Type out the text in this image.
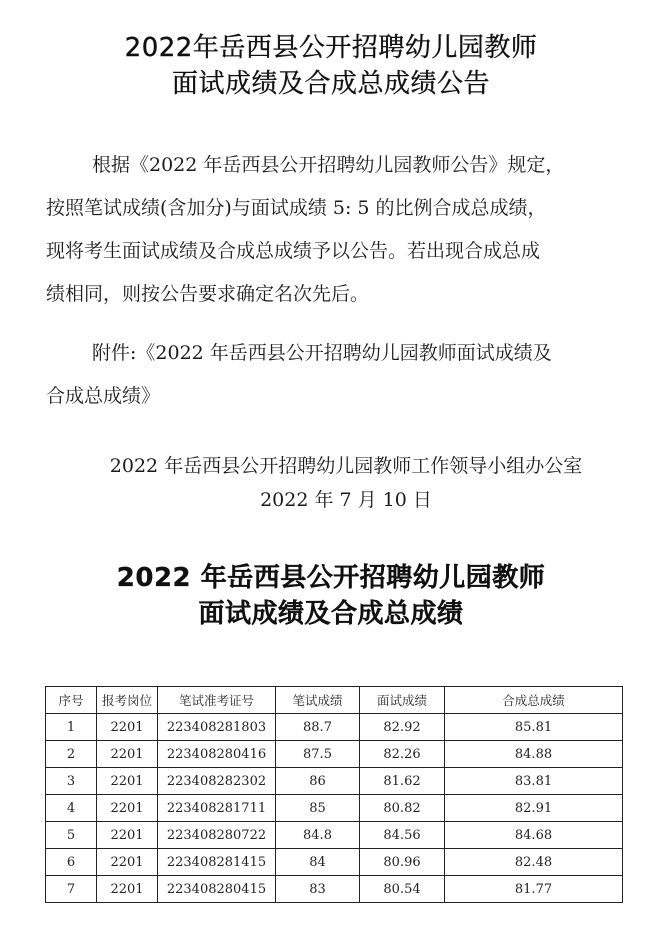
2022年岳西县公开招聘幼儿园教师
面试成绩及合成总成绩公告
根据《2022 年岳西县公开招聘幼儿园教师公告》规定，
按照笔试成绩(含加分)与面试成绩 5: 5 的比例合成总成绩，
现将考生面试成绩及合成总成绩予以公告。若出现合成总成
绩相同，则按公告要求确定名次先后。
附件:《2022 年岳西县公开招聘幼儿园教师面试成绩及
合成总成绩》
2022 年岳西县公开招聘幼儿园教师工作领导小组办公室
2022 年 7 月 10 日
2022 年岳西县公开招聘幼儿园教师
面试成绩及合成总成绩
序号	报考岗位	笔试准考证号	笔试成绩	面试成绩	合成总成绩
1	2201	223408281803	88.7	82.92	85.81
2	2201	223408280416	87.5	82.26	84.88
3	2201	223408282302	86	81.62	83.81
4	2201	223408281711	85	80.82	82.91
5	2201	223408280722	84.8	84.56	84.68
6	2201	223408281415	84	80.96	82.48
7	2201	223408280415	83	80.54	81.77
